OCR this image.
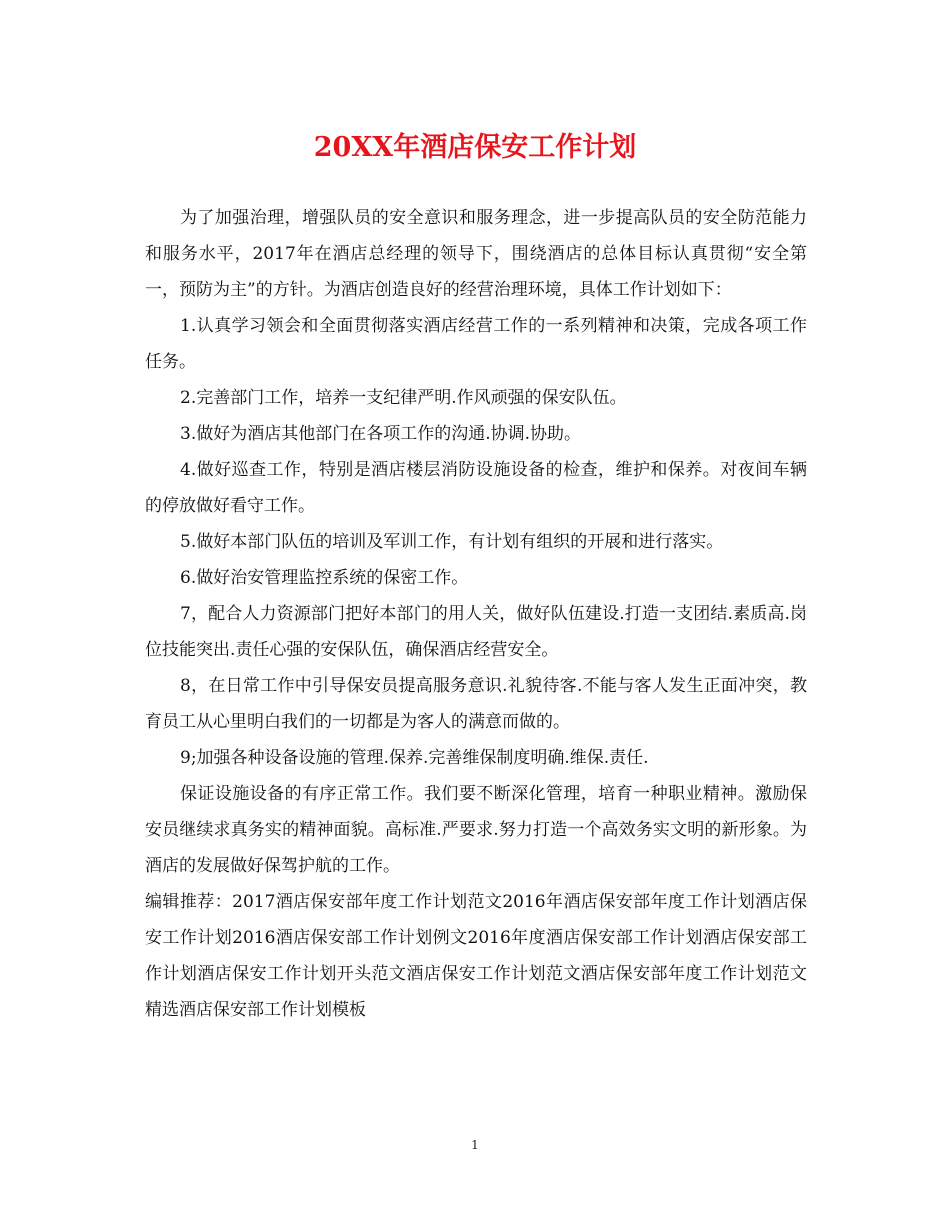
20XX年酒店保安工作计划

为了加强治理，增强队员的安全意识和服务理念，进一步提高队员的安全防范能力和服务水平，2017年在酒店总经理的领导下，围绕酒店的总体目标认真贯彻“安全第一，预防为主”的方针。为酒店创造良好的经营治理环境，具体工作计划如下：

1.认真学习领会和全面贯彻落实酒店经营工作的一系列精神和决策，完成各项工作任务。

2.完善部门工作，培养一支纪律严明.作风顽强的保安队伍。

3.做好为酒店其他部门在各项工作的沟通.协调.协助。

4.做好巡查工作，特别是酒店楼层消防设施设备的检查，维护和保养。对夜间车辆的停放做好看守工作。

5.做好本部门队伍的培训及军训工作，有计划有组织的开展和进行落实。

6.做好治安管理监控系统的保密工作。

7，配合人力资源部门把好本部门的用人关，做好队伍建设.打造一支团结.素质高.岗位技能突出.责任心强的安保队伍，确保酒店经营安全。

8，在日常工作中引导保安员提高服务意识.礼貌待客.不能与客人发生正面冲突，教育员工从心里明白我们的一切都是为客人的满意而做的。

9;加强各种设备设施的管理.保养.完善维保制度明确.维保.责任.

保证设施设备的有序正常工作。我们要不断深化管理，培育一种职业精神。激励保安员继续求真务实的精神面貌。高标准.严要求.努力打造一个高效务实文明的新形象。为酒店的发展做好保驾护航的工作。

编辑推荐：2017酒店保安部年度工作计划范文2016年酒店保安部年度工作计划酒店保安工作计划2016酒店保安部工作计划例文2016年度酒店保安部工作计划酒店保安部工作计划酒店保安工作计划开头范文酒店保安工作计划范文酒店保安部年度工作计划范文精选酒店保安部工作计划模板

1
